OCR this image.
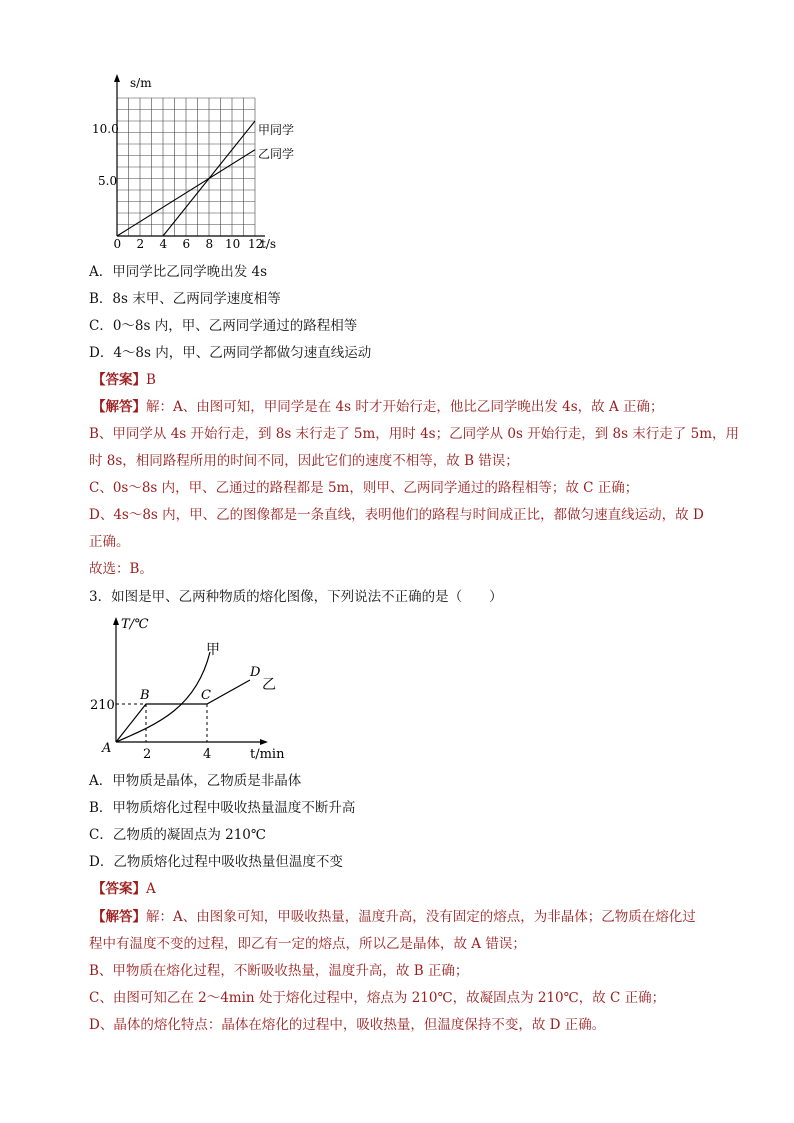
s/m
t/s
10.0
5.0
0 2 4 6 8 10 12
甲同学
乙同学
A．甲同学比乙同学晚出发 4s
B．8s 末甲、乙两同学速度相等
C．0～8s 内，甲、乙两同学通过的路程相等
D．4～8s 内，甲、乙两同学都做匀速直线运动
【答案】B
【解答】解：A、由图可知，甲同学是在 4s 时才开始行走，他比乙同学晚出发 4s，故 A 正确；
B、甲同学从 4s 开始行走，到 8s 末行走了 5m，用时 4s；乙同学从 0s 开始行走，到 8s 末行走了 5m，用
时 8s，相同路程所用的时间不同，因此它们的速度不相等，故 B 错误；
C、0s～8s 内，甲、乙通过的路程都是 5m，则甲、乙两同学通过的路程相等；故 C 正确；
D、4s～8s 内，甲、乙的图像都是一条直线，表明他们的路程与时间成正比，都做匀速直线运动，故 D
正确。
故选：B。
3．如图是甲、乙两种物质的熔化图像，下列说法不正确的是（　　）
T/℃
t/min
210
2	4
A
B	C
D
甲
乙
A．甲物质是晶体，乙物质是非晶体
B．甲物质熔化过程中吸收热量温度不断升高
C．乙物质的凝固点为 210℃
D．乙物质熔化过程中吸收热量但温度不变
【答案】A
【解答】解：A、由图象可知，甲吸收热量，温度升高，没有固定的熔点，为非晶体；乙物质在熔化过
程中有温度不变的过程，即乙有一定的熔点，所以乙是晶体，故 A 错误；
B、甲物质在熔化过程，不断吸收热量，温度升高，故 B 正确；
C、由图可知乙在 2～4min 处于熔化过程中，熔点为 210℃，故凝固点为 210℃，故 C 正确；
D、晶体的熔化特点：晶体在熔化的过程中，吸收热量，但温度保持不变，故 D 正确。
